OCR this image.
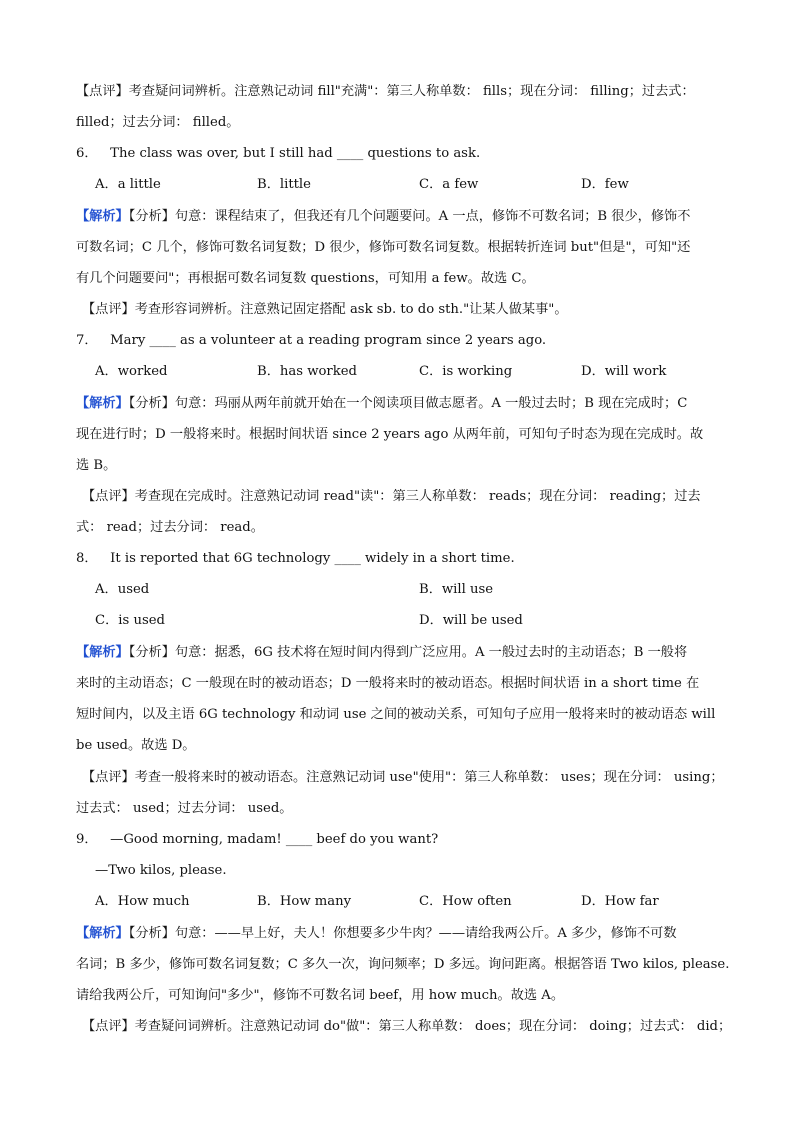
【点评】考查疑问词辨析。注意熟记动词 fill"充满"：第三人称单数： fills；现在分词： filling；过去式：
filled；过去分词： filled。
6． The class was over, but I still had ____ questions to ask.
A．a little	B．little	C．a few	D．few
【解析】【分析】句意：课程结束了，但我还有几个问题要问。A 一点，修饰不可数名词；B 很少，修饰不
可数名词；C 几个，修饰可数名词复数；D 很少，修饰可数名词复数。根据转折连词 but"但是"，可知"还
有几个问题要问"；再根据可数名词复数 questions，可知用 a few。故选 C。
【点评】考查形容词辨析。注意熟记固定搭配 ask sb. to do sth."让某人做某事"。
7． Mary ____ as a volunteer at a reading program since 2 years ago.
A．worked	B．has worked	C．is working	D．will work
【解析】【分析】句意：玛丽从两年前就开始在一个阅读项目做志愿者。A 一般过去时；B 现在完成时；C
现在进行时；D 一般将来时。根据时间状语 since 2 years ago 从两年前，可知句子时态为现在完成时。故
选 B。
【点评】考查现在完成时。注意熟记动词 read"读"：第三人称单数： reads；现在分词： reading；过去
式： read；过去分词： read。
8． It is reported that 6G technology ____ widely in a short time.
A．used	B．will use
C．is used	D．will be used
【解析】【分析】句意：据悉，6G 技术将在短时间内得到广泛应用。A 一般过去时的主动语态；B 一般将
来时的主动语态；C 一般现在时的被动语态；D 一般将来时的被动语态。根据时间状语 in a short time 在
短时间内，以及主语 6G technology 和动词 use 之间的被动关系，可知句子应用一般将来时的被动语态 will
be used。故选 D。
【点评】考查一般将来时的被动语态。注意熟记动词 use"使用"：第三人称单数： uses；现在分词： using；
过去式： used；过去分词： used。
9． —Good morning, madam! ____ beef do you want?
—Two kilos, please.
A．How much	B．How many	C．How often	D．How far
【解析】【分析】句意：——早上好，夫人！你想要多少牛肉？——请给我两公斤。A 多少，修饰不可数
名词；B 多少，修饰可数名词复数；C 多久一次，询问频率；D 多远。询问距离。根据答语 Two kilos, please.
请给我两公斤，可知询问"多少"，修饰不可数名词 beef，用 how much。故选 A。
【点评】考查疑问词辨析。注意熟记动词 do"做"：第三人称单数： does；现在分词： doing；过去式： did；
